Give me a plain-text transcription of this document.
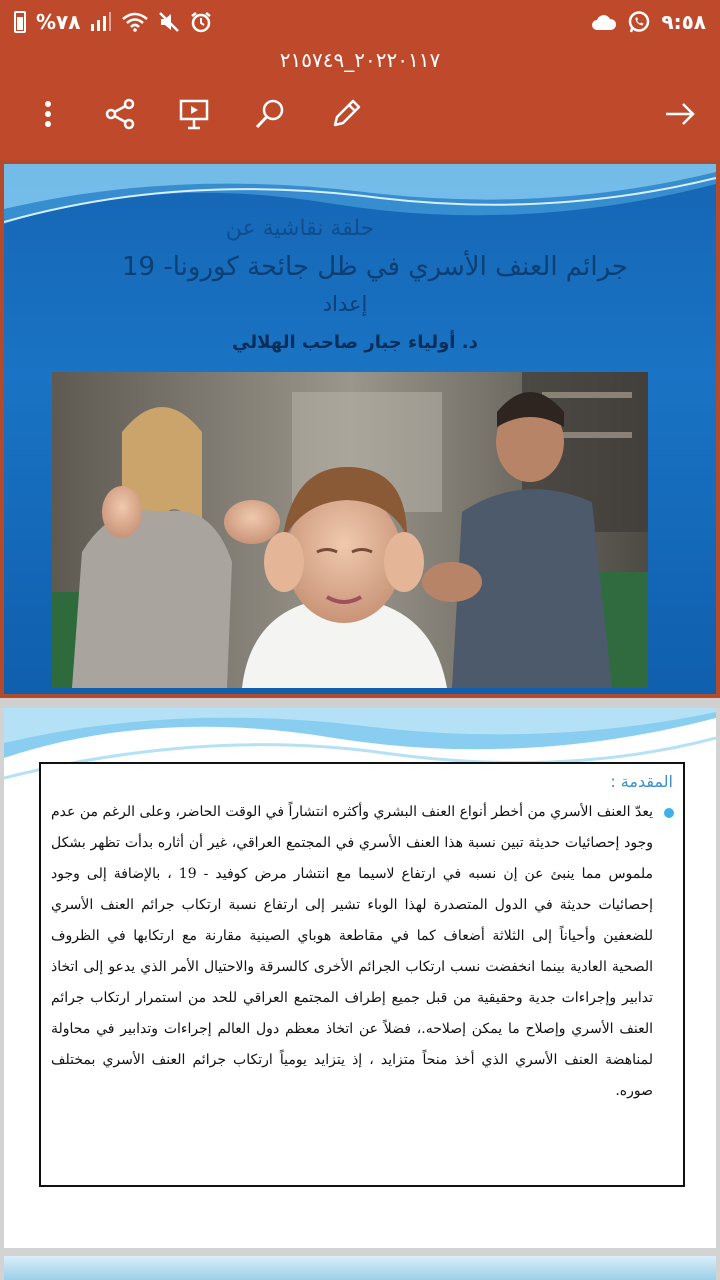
%٧٨	٩:٥٨
٢٠٢٢٠١١٧_٢١٥٧٤٩
حلقة نقاشية عن
جرائم العنف الأسري في ظل جائحة كورونا- 19
إعداد
د. أولياء جبار صاحب الهلالي
المقدمة :
يعدّ العنف الأسري من أخطر أنواع العنف البشري وأكثره انتشاراً في الوقت الحاضر، وعلى الرغم من عدم وجود إحصائيات حديثة تبين نسبة هذا العنف الأسري في المجتمع العراقي، غير أن أثاره بدأت تظهر بشكل ملموس مما ينبئ عن إن نسبه في ارتفاع لاسيما مع انتشار مرض كوفيد - 19 ، بالإضافة إلى وجود إحصائيات حديثة في الدول المتصدرة لهذا الوباء تشير إلى ارتفاع نسبة ارتكاب جرائم العنف الأسري للضعفين وأحياناً إلى الثلاثة أضعاف كما في مقاطعة هوباي الصينية مقارنة مع ارتكابها في الظروف الصحية العادية بينما انخفضت نسب ارتكاب الجرائم الأخرى كالسرقة والاحتيال الأمر الذي يدعو إلى اتخاذ تدابير وإجراءات جدية وحقيقية من قبل جميع إطراف المجتمع العراقي للحد من استمرار ارتكاب جرائم العنف الأسري وإصلاح ما يمكن إصلاحه.، فضلاً عن اتخاذ معظم دول العالم إجراءات وتدابير في محاولة لمناهضة العنف الأسري الذي أخذ منحاً متزايد ، إذ يتزايد يومياً ارتكاب جرائم العنف الأسري بمختلف صوره.
